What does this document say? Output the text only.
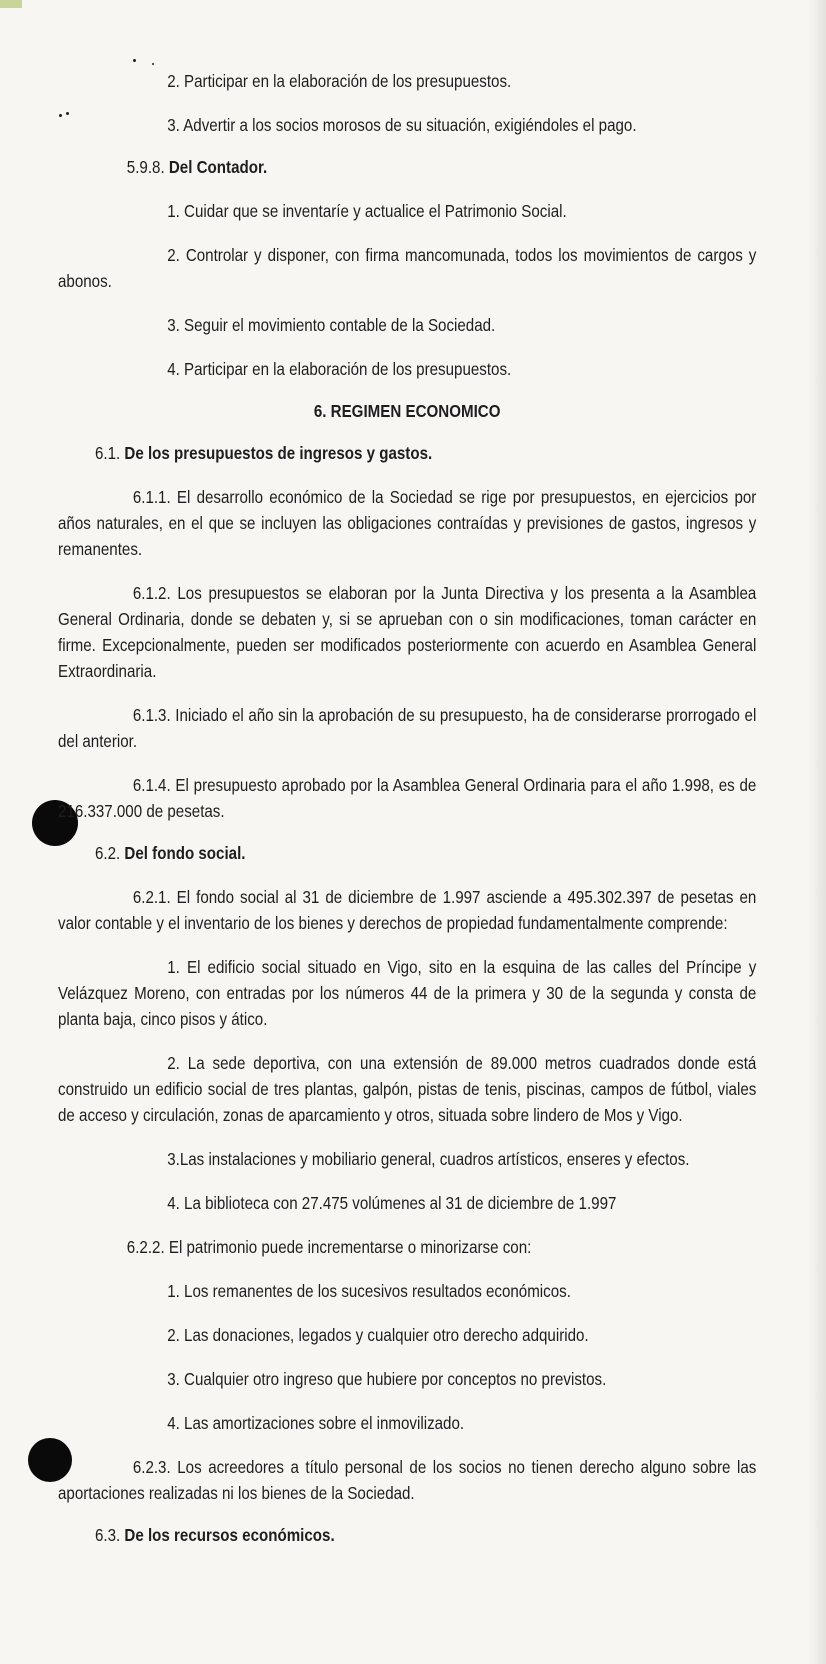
2. Participar en la elaboración de los presupuestos.

3. Advertir a los socios morosos de su situación, exigiéndoles el pago.

5.9.8. Del Contador.

1. Cuidar que se inventaríe y actualice el Patrimonio Social.

2. Controlar y disponer, con firma mancomunada, todos los movimientos de cargos y abonos.

3. Seguir el movimiento contable de la Sociedad.

4. Participar en la elaboración de los presupuestos.

6. REGIMEN ECONOMICO

6.1. De los presupuestos de ingresos y gastos.

6.1.1. El desarrollo económico de la Sociedad se rige por presupuestos, en ejercicios por años naturales, en el que se incluyen las obligaciones contraídas y previsiones de gastos, ingresos y remanentes.

6.1.2. Los presupuestos se elaboran por la Junta Directiva y los presenta a la Asamblea General Ordinaria, donde se debaten y, si se aprueban con o sin modificaciones, toman carácter en firme. Excepcionalmente, pueden ser modificados posteriormente con acuerdo en Asamblea General Extraordinaria.

6.1.3. Iniciado el año sin la aprobación de su presupuesto, ha de considerarse prorrogado el del anterior.

6.1.4. El presupuesto aprobado por la Asamblea General Ordinaria para el año 1.998, es de 216.337.000 de pesetas.

6.2. Del fondo social.

6.2.1. El fondo social al 31 de diciembre de 1.997 asciende a 495.302.397 de pesetas en valor contable y el inventario de los bienes y derechos de propiedad fundamentalmente comprende:

1. El edificio social situado en Vigo, sito en la esquina de las calles del Príncipe y Velázquez Moreno, con entradas por los números 44 de la primera y 30 de la segunda y consta de planta baja, cinco pisos y ático.

2. La sede deportiva, con una extensión de 89.000 metros cuadrados donde está construido un edificio social de tres plantas, galpón, pistas de tenis, piscinas, campos de fútbol, viales de acceso y circulación, zonas de aparcamiento y otros, situada sobre lindero de Mos y Vigo.

3.Las instalaciones y mobiliario general, cuadros artísticos, enseres y efectos.

4. La biblioteca con 27.475 volúmenes al 31 de diciembre de 1.997

6.2.2. El patrimonio puede incrementarse o minorizarse con:

1. Los remanentes de los sucesivos resultados económicos.

2. Las donaciones, legados y cualquier otro derecho adquirido.

3. Cualquier otro ingreso que hubiere por conceptos no previstos.

4. Las amortizaciones sobre el inmovilizado.

6.2.3. Los acreedores a título personal de los socios no tienen derecho alguno sobre las aportaciones realizadas ni los bienes de la Sociedad.

6.3. De los recursos económicos.
